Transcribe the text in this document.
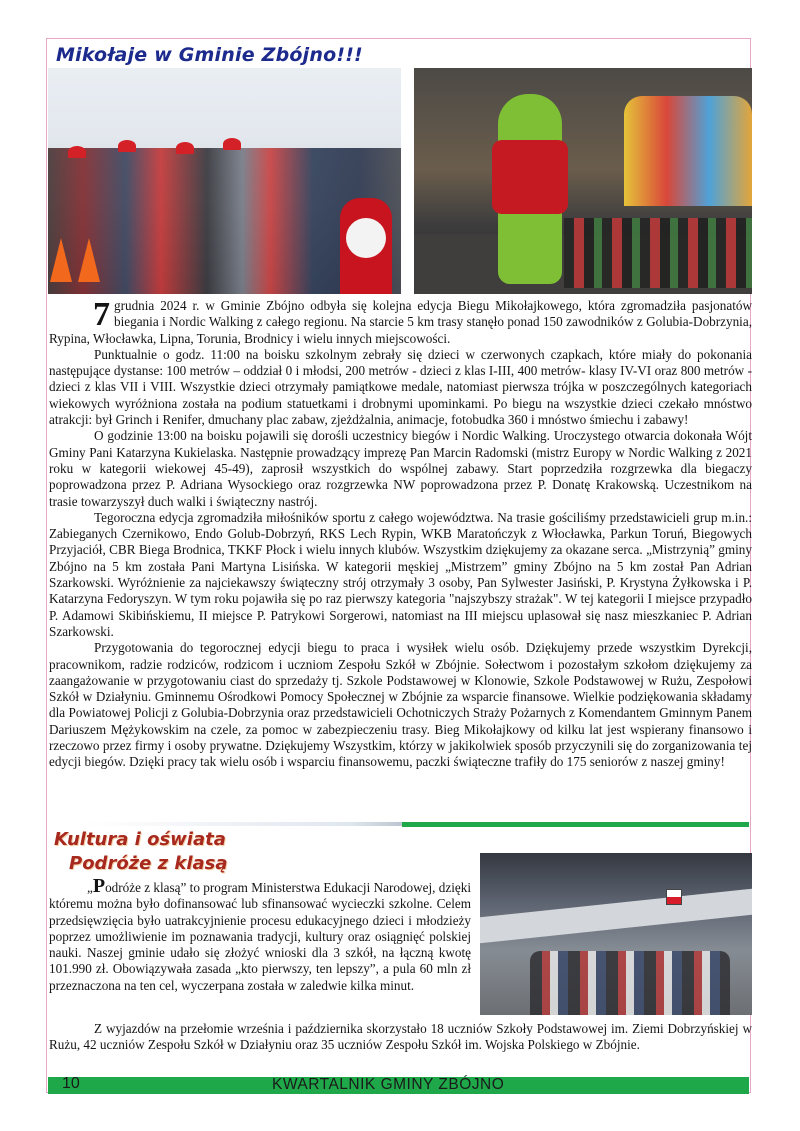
Mikołaje w Gminie Zbójno!!!

7 grudnia 2024 r. w Gminie Zbójno odbyła się kolejna edycja Biegu Mikołajkowego, która zgromadziła pasjonatów biegania i Nordic Walking z całego regionu. Na starcie 5 km trasy stanęło ponad 150 zawodników z Golubia-Dobrzynia, Rypina, Włocławka, Lipna, Torunia, Brodnicy i wielu innych miejscowości.

Punktualnie o godz. 11:00 na boisku szkolnym zebrały się dzieci w czerwonych czapkach, które miały do pokonania następujące dystanse: 100 metrów – oddział 0 i młodsi, 200 metrów - dzieci z klas I-III, 400 metrów- klasy IV-VI oraz 800 metrów - dzieci z klas VII i VIII. Wszystkie dzieci otrzymały pamiątkowe medale, natomiast pierwsza trójka w poszczególnych kategoriach wiekowych wyróżniona została na podium statuetkami i drobnymi upominkami. Po biegu na wszystkie dzieci czekało mnóstwo atrakcji: był Grinch i Renifer, dmuchany plac zabaw, zjeżdżalnia, animacje, fotobudka 360 i mnóstwo śmiechu i zabawy!

O godzinie 13:00 na boisku pojawili się dorośli uczestnicy biegów i Nordic Walking. Uroczystego otwarcia dokonała Wójt Gminy Pani Katarzyna Kukielaska. Następnie prowadzący imprezę Pan Marcin Radomski (mistrz Europy w Nordic Walking z 2021 roku w kategorii wiekowej 45-49), zaprosił wszystkich do wspólnej zabawy. Start poprzedziła rozgrzewka dla biegaczy poprowadzona przez P. Adriana Wysockiego oraz rozgrzewka NW poprowadzona przez P. Donatę Krakowską. Uczestnikom na trasie towarzyszył duch walki i świąteczny nastrój.

Tegoroczna edycja zgromadziła miłośników sportu z całego województwa. Na trasie gościliśmy przedstawicieli grup m.in.: Zabieganych Czernikowo, Endo Golub-Dobrzyń, RKS Lech Rypin, WKB Maratończyk z Włocławka, Parkun Toruń, Biegowych Przyjaciół, CBR Biega Brodnica, TKKF Płock i wielu innych klubów. Wszystkim dziękujemy za okazane serca. „Mistrzynią” gminy Zbójno na 5 km została Pani Martyna Lisińska. W kategorii męskiej „Mistrzem” gminy Zbójno na 5 km został Pan Adrian Szarkowski. Wyróżnienie za najciekawszy świąteczny strój otrzymały 3 osoby, Pan Sylwester Jasiński, P. Krystyna Żyłkowska i P. Katarzyna Fedoryszyn. W tym roku pojawiła się po raz pierwszy kategoria "najszybszy strażak". W tej kategorii I miejsce przypadło P. Adamowi Skibińskiemu, II miejsce P. Patrykowi Sorgerowi, natomiast na III miejscu uplasował się nasz mieszkaniec P. Adrian Szarkowski.

Przygotowania do tegorocznej edycji biegu to praca i wysiłek wielu osób. Dziękujemy przede wszystkim Dyrekcji, pracownikom, radzie rodziców, rodzicom i uczniom Zespołu Szkół w Zbójnie. Sołectwom i pozostałym szkołom dziękujemy za zaangażowanie w przygotowaniu ciast do sprzedaży tj. Szkole Podstawowej w Klonowie, Szkole Podstawowej w Rużu, Zespołowi Szkół w Działyniu. Gminnemu Ośrodkowi Pomocy Społecznej w Zbójnie za wsparcie finansowe. Wielkie podziękowania składamy dla Powiatowej Policji z Golubia-Dobrzynia oraz przedstawicieli Ochotniczych Straży Pożarnych z Komendantem Gminnym Panem Dariuszem Mężykowskim na czele, za pomoc w zabezpieczeniu trasy. Bieg Mikołajkowy od kilku lat jest wspierany finansowo i rzeczowo przez firmy i osoby prywatne. Dziękujemy Wszystkim, którzy w jakikolwiek sposób przyczynili się do zorganizowania tej edycji biegów. Dzięki pracy tak wielu osób i wsparciu finansowemu, paczki świąteczne trafiły do 175 seniorów z naszej gminy!

Kultura i oświata
Podróże z klasą

„Podróże z klasą” to program Ministerstwa Edukacji Narodowej, dzięki któremu można było dofinansować lub sfinansować wycieczki szkolne. Celem przedsięwzięcia było uatrakcyjnienie procesu edukacyjnego dzieci i młodzieży poprzez umożliwienie im poznawania tradycji, kultury oraz osiągnięć polskiej nauki. Naszej gminie udało się złożyć wnioski dla 3 szkół, na łączną kwotę 101.990 zł. Obowiązywała zasada „kto pierwszy, ten lepszy”, a pula 60 mln zł przeznaczona na ten cel, wyczerpana została w zaledwie kilka minut.

Z wyjazdów na przełomie września i października skorzystało 18 uczniów Szkoły Podstawowej im. Ziemi Dobrzyńskiej w Rużu, 42 uczniów Zespołu Szkół w Działyniu oraz 35 uczniów Zespołu Szkół im. Wojska Polskiego w Zbójnie.

10	KWARTALNIK GMINY ZBÓJNO
